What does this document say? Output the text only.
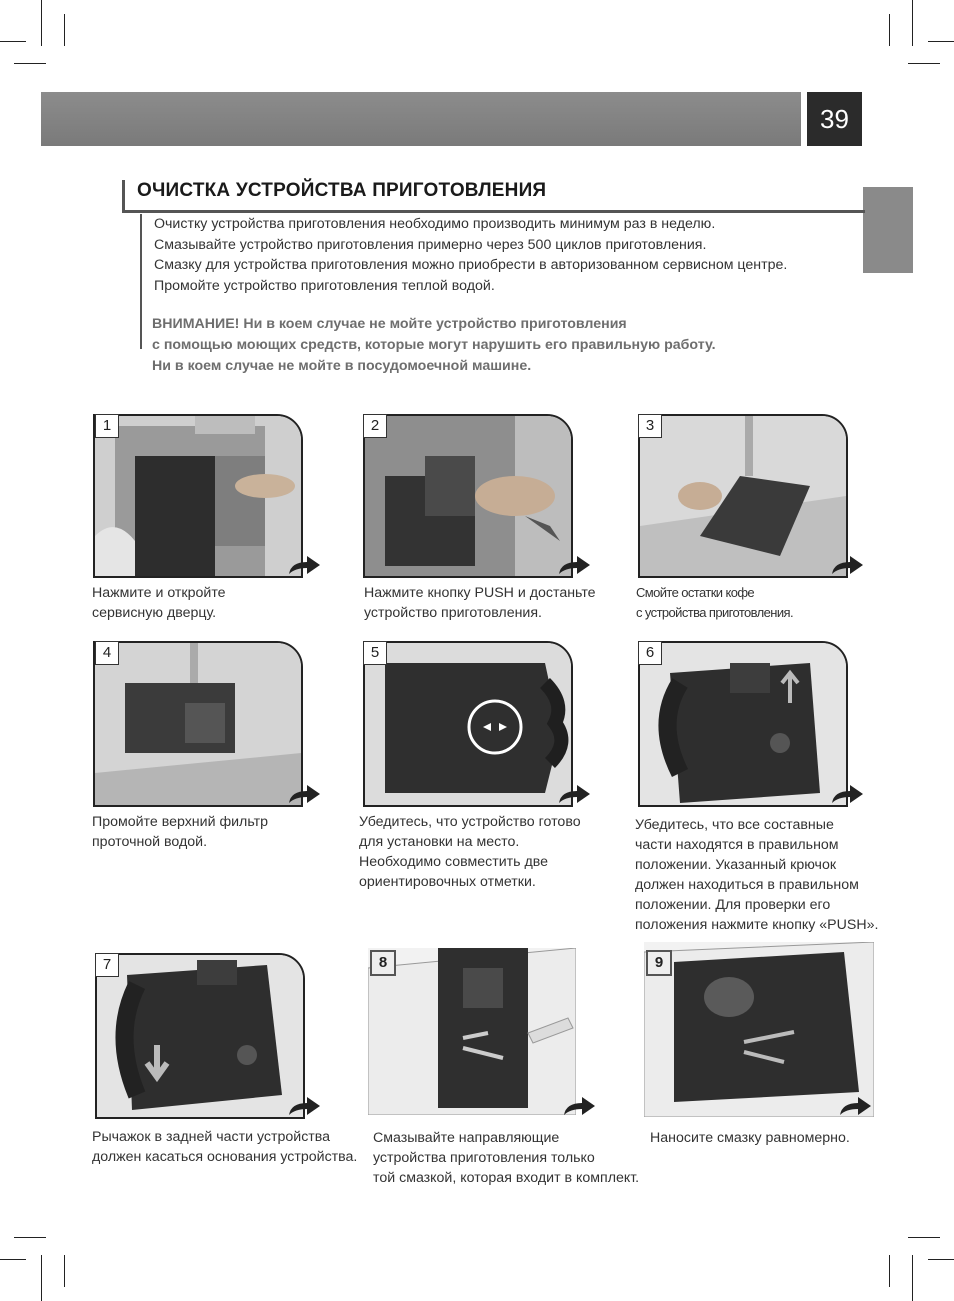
39
ОЧИСТКА УСТРОЙСТВА ПРИГОТОВЛЕНИЯ

Очистку устройства приготовления необходимо производить минимум раз в неделю.

Смазывайте устройство приготовления примерно через 500 циклов приготовления.

Смазку для устройства приготовления можно приобрести в авторизованном сервисном центре.

Промойте устройство приготовления теплой водой.

ВНИМАНИЕ! Ни в коем случае не мойте устройство приготовления
с помощью моющих средств, которые могут нарушить его правильную работу.
Ни в коем случае не мойте в посудомоечной машине.
1
Нажмите и откройте
сервисную дверцу.
2
Нажмите кнопку PUSH и достаньте
устройство приготовления.
3
Смойте остатки кофе
с устройства приготовления.
4
Промойте верхний фильтр
проточной водой.
5
Убедитесь, что устройство готово
для установки на место.
Необходимо совместить две
ориентировочных отметки.
6
Убедитесь, что все составные
части находятся в правильном
положении. Указанный крючок
должен находиться в правильном
положении. Для проверки его
положения нажмите кнопку «PUSH».
7
Рычажок в задней части устройства
должен касаться основания устройства.
8
Смазывайте направляющие
устройства приготовления только
той смазкой, которая входит в комплект.
9
Наносите смазку равномерно.
